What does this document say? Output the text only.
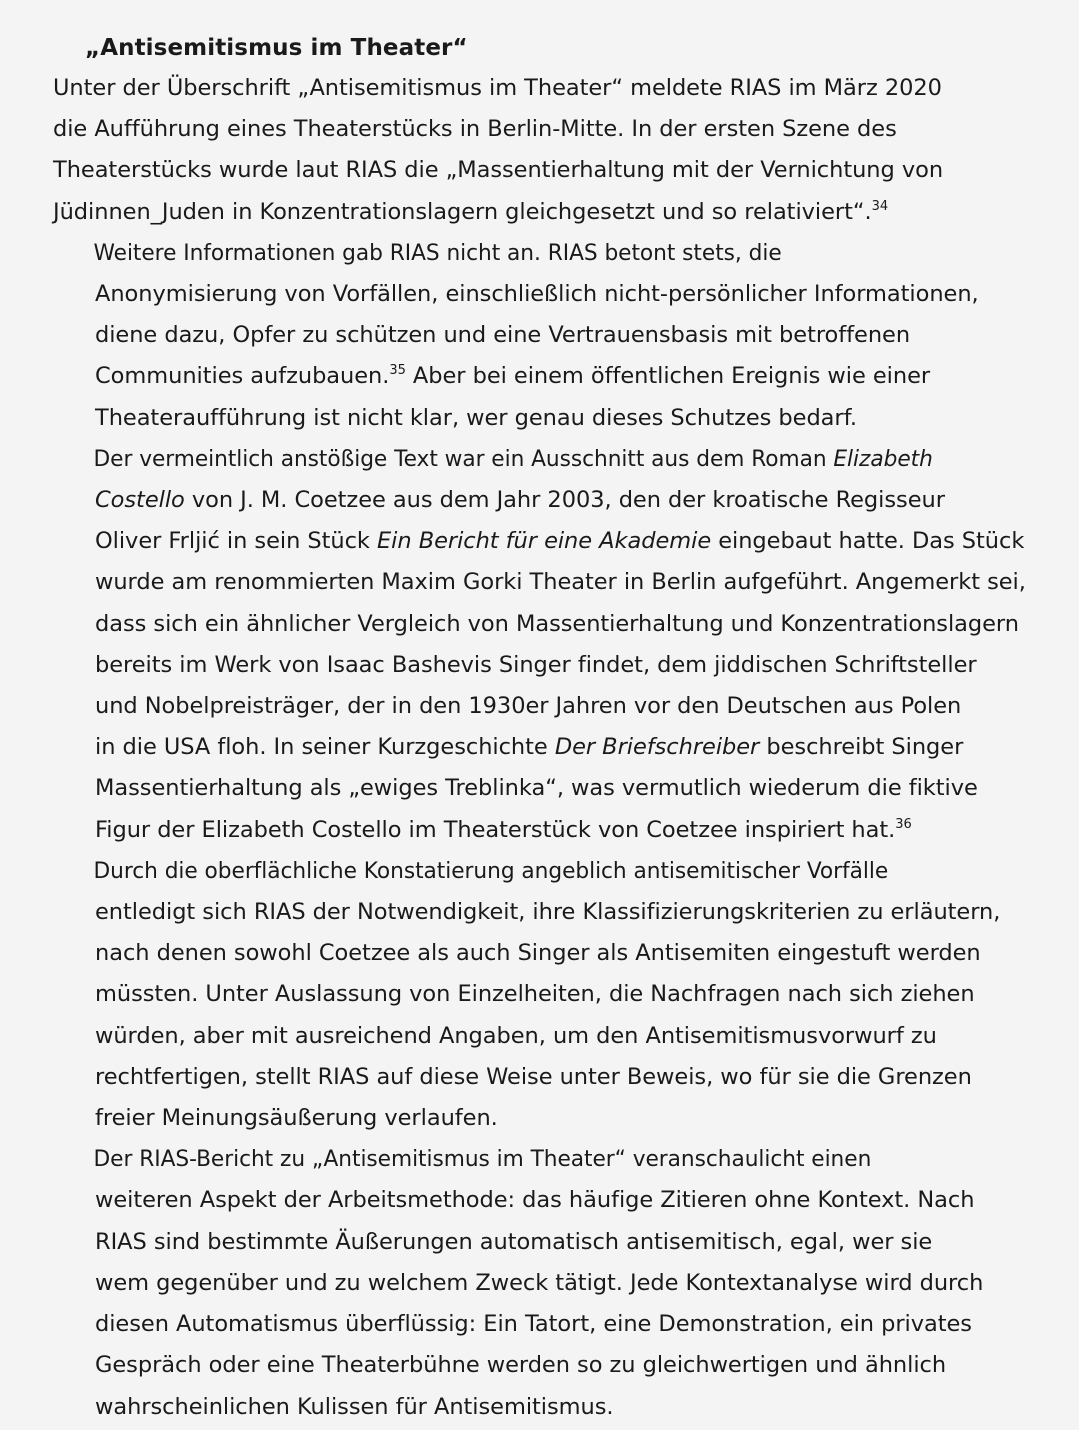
„Antisemitismus im Theater“

Unter der Überschrift „Antisemitismus im Theater“ meldete RIAS im März 2020
die Aufführung eines Theaterstücks in Berlin-Mitte. In der ersten Szene des
Theaterstücks wurde laut RIAS die „Massentierhaltung mit der Vernichtung von
Jüdinnen_Juden in Konzentrationslagern gleichgesetzt und so relativiert“.$^{34}$

Weitere Informationen gab RIAS nicht an. RIAS betont stets, die
Anonymisierung von Vorfällen, einschließlich nicht-persönlicher Informationen,
diene dazu, Opfer zu schützen und eine Vertrauensbasis mit betroffenen
Communities aufzubauen.$^{35}$ Aber bei einem öffentlichen Ereignis wie einer
Theateraufführung ist nicht klar, wer genau dieses Schutzes bedarf.

Der vermeintlich anstößige Text war ein Ausschnitt aus dem Roman Elizabeth
Costello von J. M. Coetzee aus dem Jahr 2003, den der kroatische Regisseur
Oliver Frljić in sein Stück Ein Bericht für eine Akademie eingebaut hatte. Das Stück
wurde am renommierten Maxim Gorki Theater in Berlin aufgeführt. Angemerkt sei,
dass sich ein ähnlicher Vergleich von Massentierhaltung und Konzentrationslagern
bereits im Werk von Isaac Bashevis Singer findet, dem jiddischen Schriftsteller
und Nobelpreisträger, der in den 1930er Jahren vor den Deutschen aus Polen
in die USA floh. In seiner Kurzgeschichte Der Briefschreiber beschreibt Singer
Massentierhaltung als „ewiges Treblinka“, was vermutlich wiederum die fiktive
Figur der Elizabeth Costello im Theaterstück von Coetzee inspiriert hat.$^{36}$

Durch die oberflächliche Konstatierung angeblich antisemitischer Vorfälle
entledigt sich RIAS der Notwendigkeit, ihre Klassifizierungskriterien zu erläutern,
nach denen sowohl Coetzee als auch Singer als Antisemiten eingestuft werden
müssten. Unter Auslassung von Einzelheiten, die Nachfragen nach sich ziehen
würden, aber mit ausreichend Angaben, um den Antisemitismusvorwurf zu
rechtfertigen, stellt RIAS auf diese Weise unter Beweis, wo für sie die Grenzen
freier Meinungsäußerung verlaufen.

Der RIAS-Bericht zu „Antisemitismus im Theater“ veranschaulicht einen
weiteren Aspekt der Arbeitsmethode: das häufige Zitieren ohne Kontext. Nach
RIAS sind bestimmte Äußerungen automatisch antisemitisch, egal, wer sie
wem gegenüber und zu welchem Zweck tätigt. Jede Kontextanalyse wird durch
diesen Automatismus überflüssig: Ein Tatort, eine Demonstration, ein privates
Gespräch oder eine Theaterbühne werden so zu gleichwertigen und ähnlich
wahrscheinlichen Kulissen für Antisemitismus.
